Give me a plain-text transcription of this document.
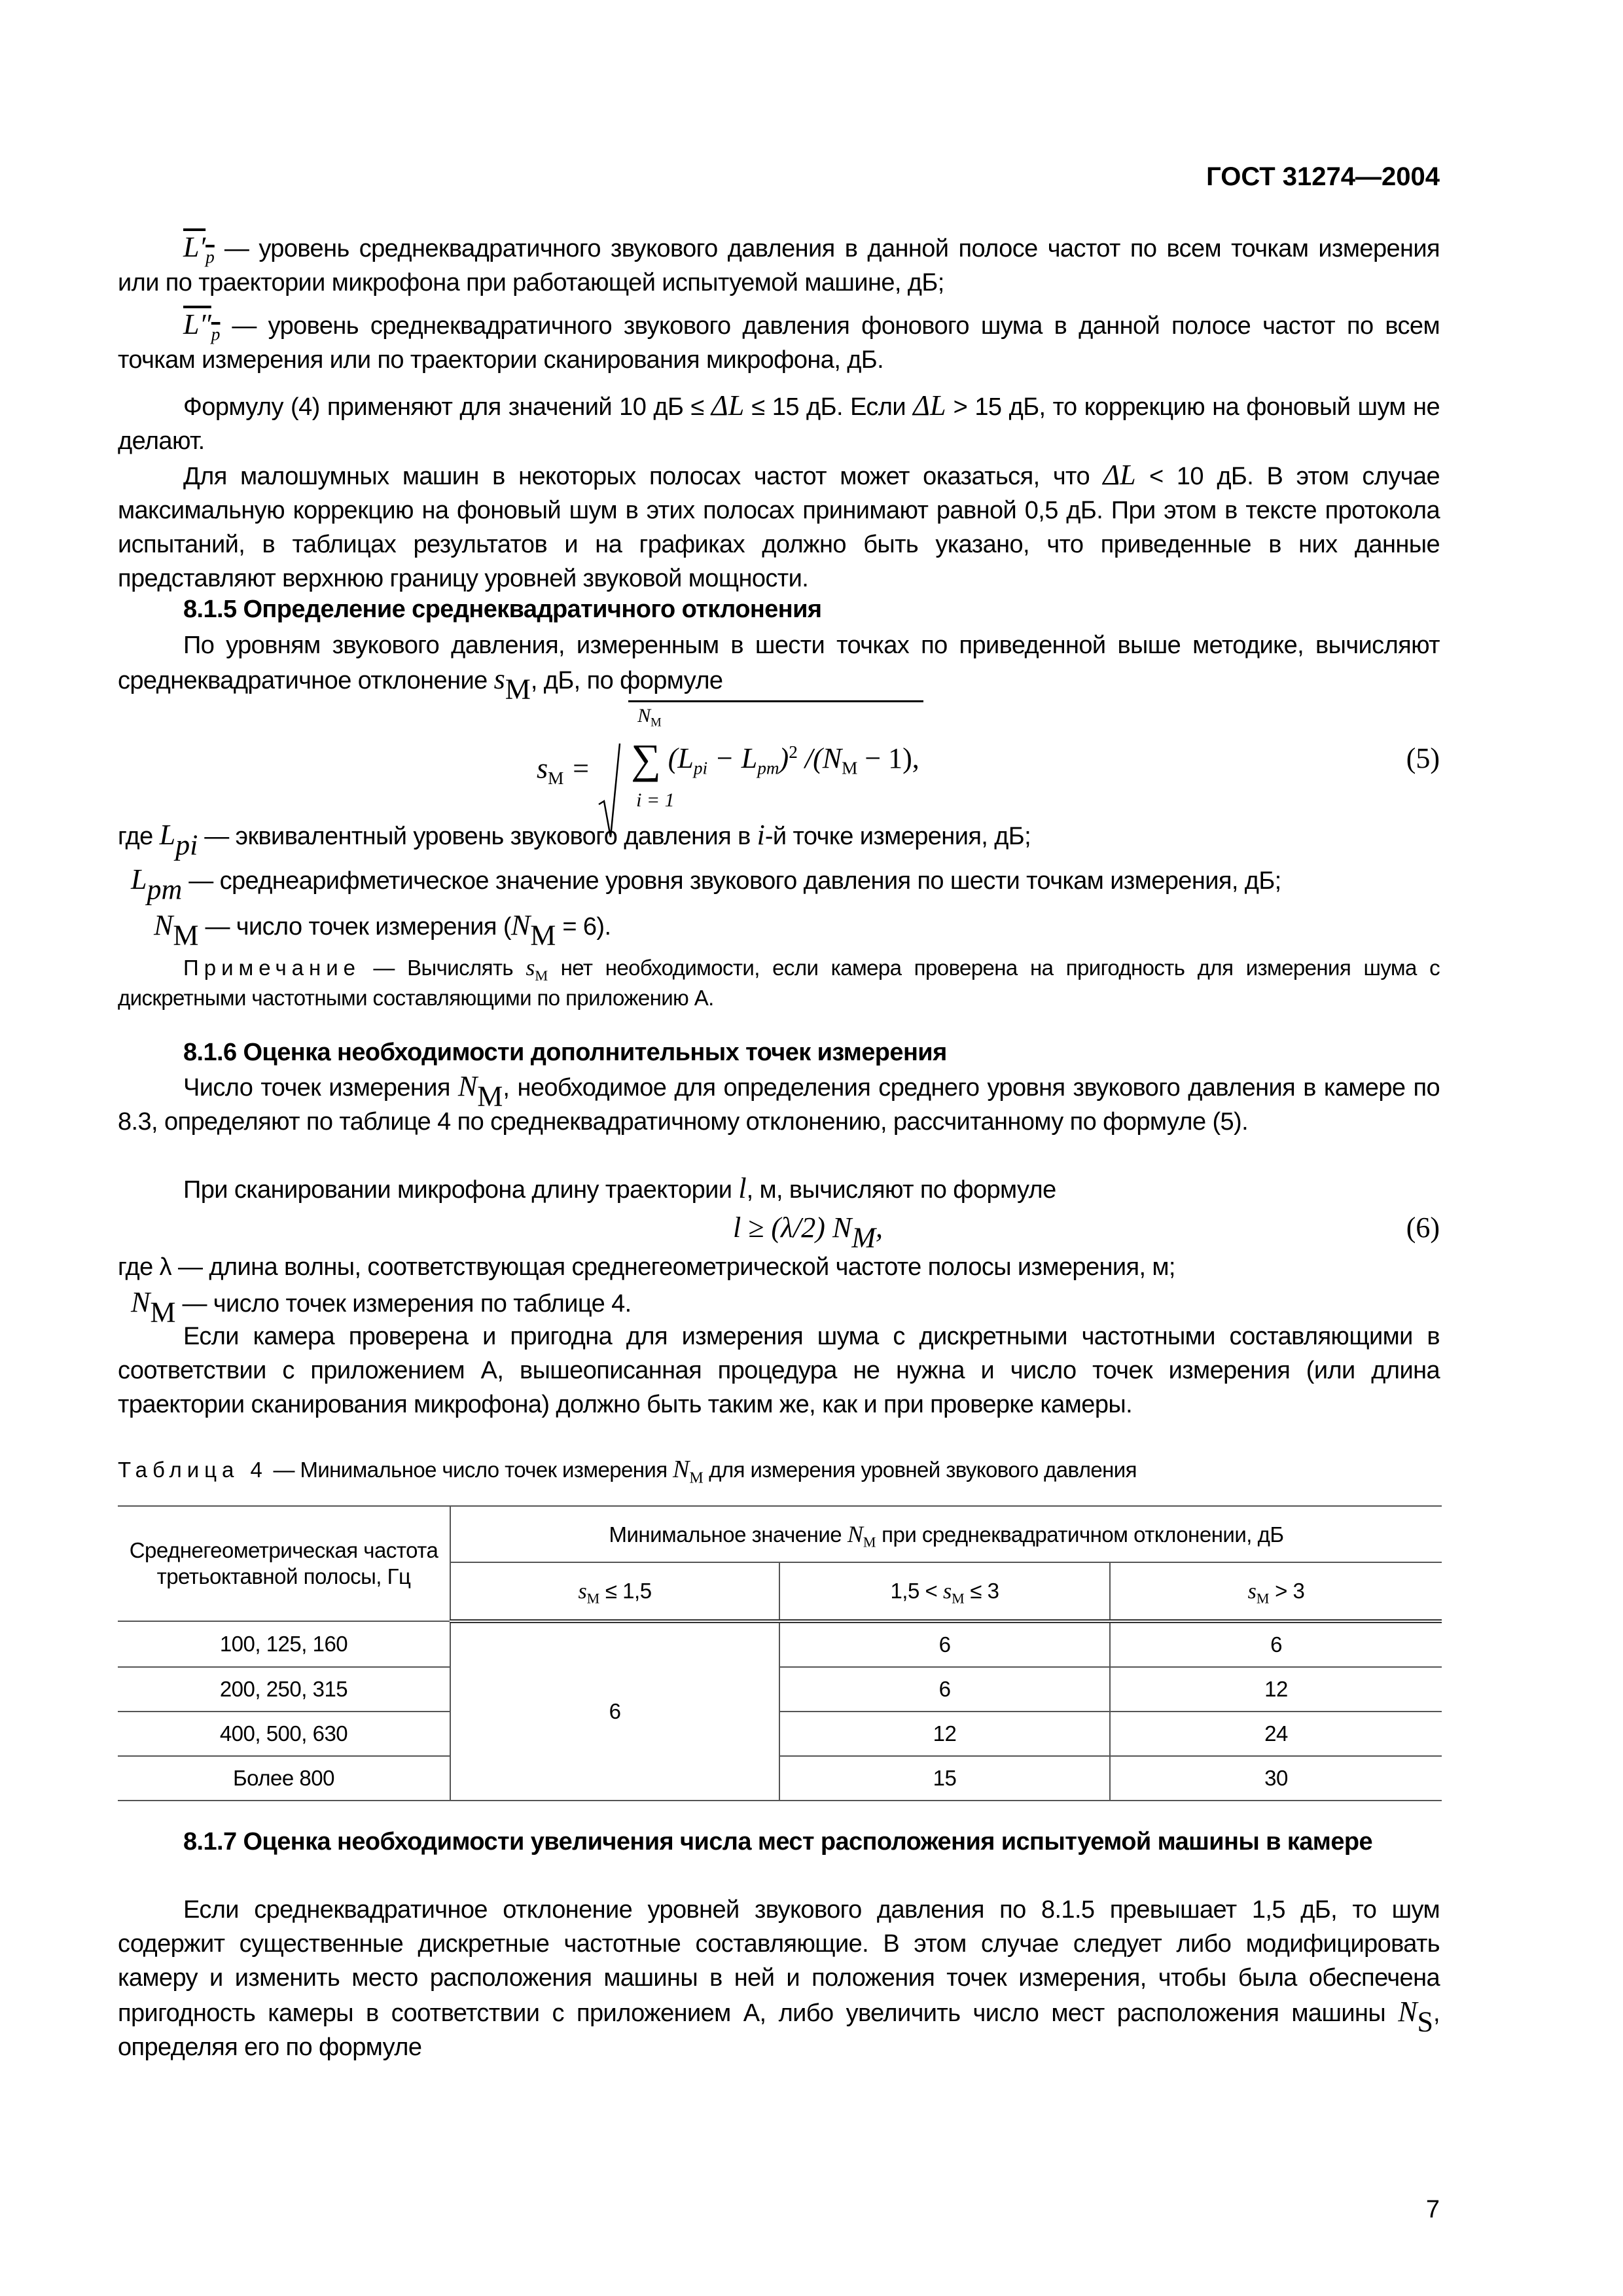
ГОСТ 31274—2004
$L'_p$ — уровень среднеквадратичного звукового давления в данной полосе частот по всем точкам измерения или по траектории микрофона при работающей испытуемой машине, дБ;
$L''_p$ — уровень среднеквадратичного звукового давления фонового шума в данной полосе частот по всем точкам измерения или по траектории сканирования микрофона, дБ.
Формулу (4) применяют для значений 10 дБ ≤ ΔL ≤ 15 дБ. Если ΔL > 15 дБ, то коррекцию на фоновый шум не делают.
Для малошумных машин в некоторых полосах частот может оказаться, что ΔL < 10 дБ. В этом случае максимальную коррекцию на фоновый шум в этих полосах принимают равной 0,5 дБ. При этом в тексте протокола испытаний, в таблицах результатов и на графиках должно быть указано, что приведенные в них данные представляют верхнюю границу уровней звуковой мощности.
8.1.5 Определение среднеквадратичного отклонения
По уровням звукового давления, измеренным в шести точках по приведенной выше методике, вычисляют среднеквадратичное отклонение $s_M$, дБ, по формуле
$s_M$ =

$N_M$
∑
i = 1
$(L_{pi} - L_{pm})^2$ $/(N_M - 1)$,	(5)
где $L_{pi}$ — эквивалентный уровень звукового давления в i-й точке измерения, дБ;
$L_{pm}$ — среднеарифметическое значение уровня звукового давления по шести точкам измерения, дБ;
$N_M$ — число точек измерения $(N_M = 6)$.
Примечание — Вычислять $s_M$ нет необходимости, если камера проверена на пригодность для измерения шума с дискретными частотными составляющими по приложению А.
8.1.6 Оценка необходимости дополнительных точек измерения
Число точек измерения $N_M$, необходимое для определения среднего уровня звукового давления в камере по 8.3, определяют по таблице 4 по среднеквадратичному отклонению, рассчитанному по формуле (5).
При сканировании микрофона длину траектории l, м, вычисляют по формуле
l ≥ (λ/2) $N_M$,	(6)
где λ — длина волны, соответствующая среднегеометрической частоте полосы измерения, м;
$N_M$ — число точек измерения по таблице 4.
Если камера проверена и пригодна для измерения шума с дискретными частотными составляющими в соответствии с приложением А, вышеописанная процедура не нужна и число точек измерения (или длина траектории сканирования микрофона) должно быть таким же, как и при проверке камеры.
Таблица 4 — Минимальное число точек измерения $N_M$ для измерения уровней звукового давления
Среднегеометрическая частота третьоктавной полосы, Гц	Минимальное значение $N_M$ при среднеквадратичном отклонении, дБ		
	$s_M \le 1,5$	$1,5 < s_M \le 3$	$s_M > 3$
100, 125, 160	6	6	6
200, 250, 315		6	12
400, 500, 630		12	24
Более 800		15	30
8.1.7 Оценка необходимости увеличения числа мест расположения испытуемой машины в камере
Если среднеквадратичное отклонение уровней звукового давления по 8.1.5 превышает 1,5 дБ, то шум содержит существенные дискретные частотные составляющие. В этом случае следует либо модифицировать камеру и изменить место расположения машины в ней и положения точек измерения, чтобы была обеспечена пригодность камеры в соответствии с приложением А, либо увеличить число мест расположения машины $N_S$, определяя его по формуле
7
